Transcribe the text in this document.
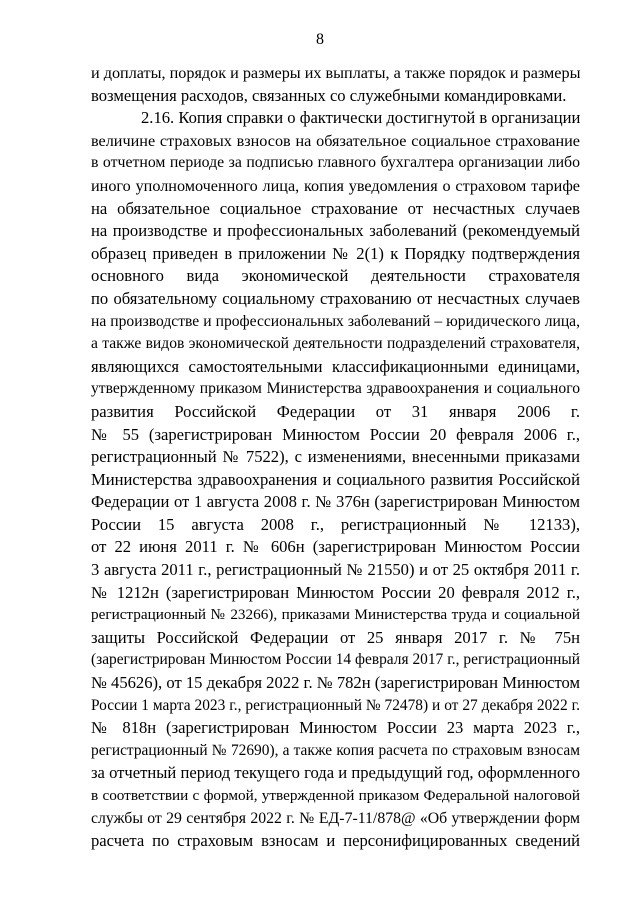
8
и доплаты, порядок и размеры их выплаты, а также порядок и размеры
возмещения расходов, связанных со служебными командировками.
2.16. Копия справки о фактически достигнутой в организации
величине страховых взносов на обязательное социальное страхование
в отчетном периоде за подписью главного бухгалтера организации либо
иного уполномоченного лица, копия уведомления о страховом тарифе
на обязательное социальное страхование от несчастных случаев
на производстве и профессиональных заболеваний (рекомендуемый
образец приведен в приложении № 2(1) к Порядку подтверждения
основного вида экономической деятельности страхователя
по обязательному социальному страхованию от несчастных случаев
на производстве и профессиональных заболеваний – юридического лица,
а также видов экономической деятельности подразделений страхователя,
являющихся самостоятельными классификационными единицами,
утвержденному приказом Министерства здравоохранения и социального
развития Российской Федерации от 31 января 2006 г.
№ 55 (зарегистрирован Минюстом России 20 февраля 2006 г.,
регистрационный № 7522), с изменениями, внесенными приказами
Министерства здравоохранения и социального развития Российской
Федерации от 1 августа 2008 г. № 376н (зарегистрирован Минюстом
России 15 августа 2008 г., регистрационный № 12133),
от 22 июня 2011 г. № 606н (зарегистрирован Минюстом России
3 августа 2011 г., регистрационный № 21550) и от 25 октября 2011 г.
№ 1212н (зарегистрирован Минюстом России 20 февраля 2012 г.,
регистрационный № 23266), приказами Министерства труда и социальной
защиты Российской Федерации от 25 января 2017 г. № 75н
(зарегистрирован Минюстом России 14 февраля 2017 г., регистрационный
№ 45626), от 15 декабря 2022 г. № 782н (зарегистрирован Минюстом
России 1 марта 2023 г., регистрационный № 72478) и от 27 декабря 2022 г.
№ 818н (зарегистрирован Минюстом России 23 марта 2023 г.,
регистрационный № 72690), а также копия расчета по страховым взносам
за отчетный период текущего года и предыдущий год, оформленного
в соответствии с формой, утвержденной приказом Федеральной налоговой
службы от 29 сентября 2022 г. № ЕД-7-11/878@ «Об утверждении форм
расчета по страховым взносам и персонифицированных сведений
